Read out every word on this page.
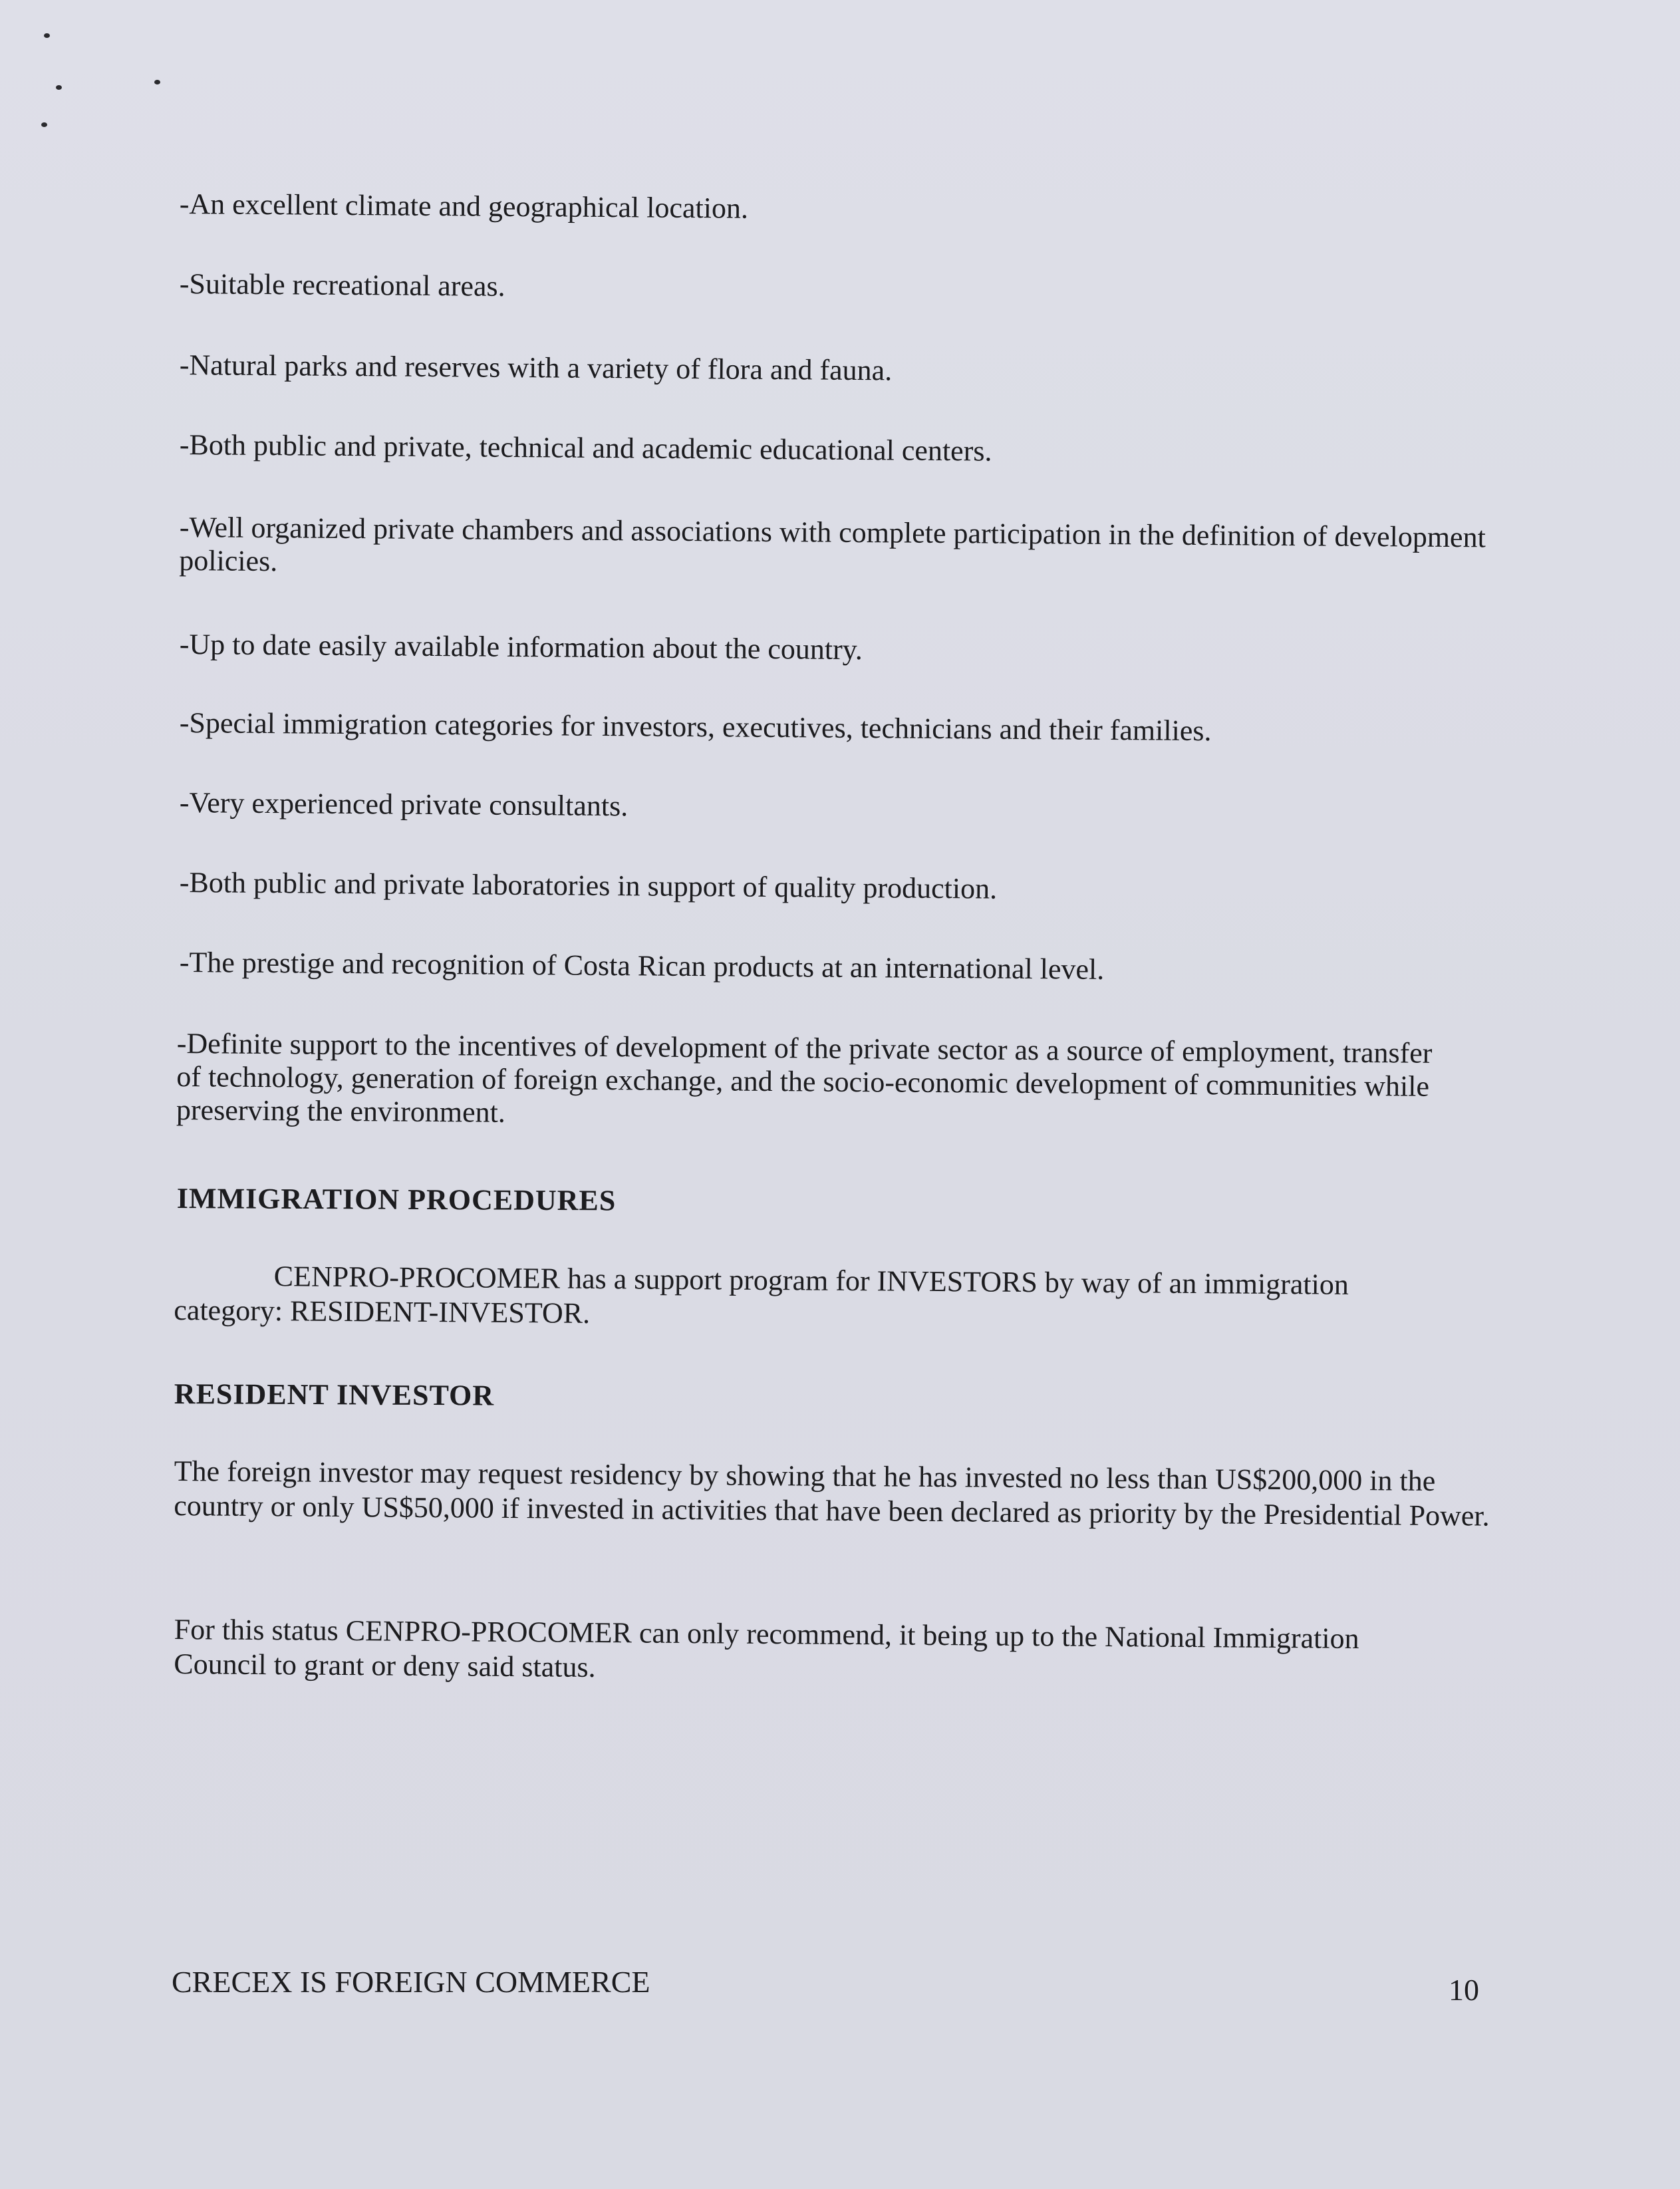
-An excellent climate and geographical location.
-Suitable recreational areas.
-Natural parks and reserves with a variety of flora and fauna.
-Both public and private, technical and academic educational centers.
-Well organized private chambers and associations with complete participation in the definition of development policies.
-Up to date easily available information about the country.
-Special immigration categories for investors, executives, technicians and their families.
-Very experienced private consultants.
-Both public and private laboratories in support of quality production.
-The prestige and recognition of Costa Rican products at an international level.
-Definite support to the incentives of development of the private sector as a source of employment, transfer of technology, generation of foreign exchange, and the socio-economic development of communities while preserving the environment.
IMMIGRATION PROCEDURES
CENPRO-PROCOMER has a support program for INVESTORS by way of an immigration category: RESIDENT-INVESTOR.
RESIDENT INVESTOR
The foreign investor may request residency by showing that he has invested no less than US$200,000 in the country or only US$50,000 if invested in activities that have been declared as priority by the Presidential Power.
For this status CENPRO-PROCOMER can only recommend, it being up to the National Immigration Council to grant or deny said status.
CRECEX IS FOREIGN COMMERCE	10
